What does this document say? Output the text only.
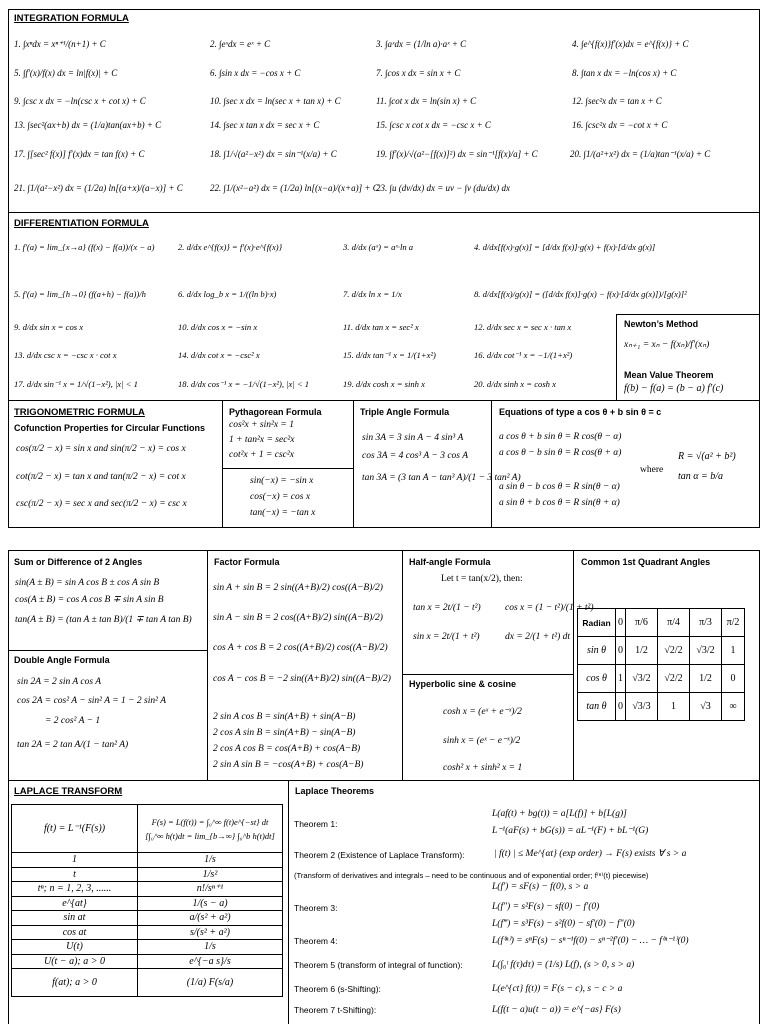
INTEGRATION FORMULA
1. ∫xⁿdx = xⁿ⁺¹/(n+1) + C	2. ∫eˣdx = eˣ + C	3. ∫aˣdx = (1/ln a)·aˣ + C	4. ∫e^{f(x)}f′(x)dx = e^{f(x)} + C
5. ∫f′(x)/f(x) dx = ln|f(x)| + C	6. ∫sin x dx = −cos x + C	7. ∫cos x dx = sin x + C	8. ∫tan x dx = −ln(cos x) + C
9. ∫csc x dx = −ln(csc x + cot x) + C	10. ∫sec x dx = ln(sec x + tan x) + C	11. ∫cot x dx = ln(sin x) + C	12. ∫sec²x dx = tan x + C
13. ∫sec²(ax+b) dx = (1/a)tan(ax+b) + C	14. ∫sec x tan x dx = sec x + C	15. ∫csc x cot x dx = −csc x + C	16. ∫csc²x dx = −cot x + C
17. ∫[sec² f(x)] f′(x)dx = tan f(x) + C	18. ∫1/√(a²−x²) dx = sin⁻¹(x/a) + C	19. ∫f′(x)/√(a²−[f(x)]²) dx = sin⁻¹[f(x)/a] + C	20. ∫1/(a²+x²) dx = (1/a)tan⁻¹(x/a) + C
21. ∫1/(a²−x²) dx = (1/2a) ln[(a+x)/(a−x)] + C	22. ∫1/(x²−a²) dx = (1/2a) ln[(x−a)/(x+a)] + C
23. ∫u (dv/dx) dx = uv − ∫v (du/dx) dx
DIFFERENTIATION FORMULA
1. f′(a) = lim_{x→a} (f(x) − f(a))/(x − a)	2. d/dx e^{f(x)} = f′(x)·e^{f(x)}	3. d/dx (aˣ) = aˣ·ln a	4. d/dx[f(x)·g(x)] = [d/dx f(x)]·g(x) + f(x)·[d/dx g(x)]
5. f′(a) = lim_{h→0} (f(a+h) − f(a))/h	6. d/dx log_b x = 1/((ln b)·x)	7. d/dx ln x = 1/x	8. d/dx[f(x)/g(x)] = ([d/dx f(x)]·g(x) − f(x)·[d/dx g(x)])/[g(x)]²
9. d/dx sin x = cos x	10. d/dx cos x = −sin x	11. d/dx tan x = sec² x	12. d/dx sec x = sec x · tan x
13. d/dx csc x = −csc x · cot x	14. d/dx cot x = −csc² x	15. d/dx tan⁻¹ x = 1/(1+x²)	16. d/dx cot⁻¹ x = −1/(1+x²)
17. d/dx sin⁻¹ x = 1/√(1−x²), |x| < 1	18. d/dx cos⁻¹ x = −1/√(1−x²), |x| < 1	19. d/dx cosh x = sinh x	20. d/dx sinh x = cosh x
Newton’s Method
xₙ₊₁ = xₙ − f(xₙ)/f′(xₙ)
Mean Value Theorem
f(b) − f(a) = (b − a) f′(c)
TRIGONOMETRIC FORMULA
Cofunction Properties for Circular Functions
cos(π/2 − x) = sin x and sin(π/2 − x) = cos x
cot(π/2 − x) = tan x and tan(π/2 − x) = cot x
csc(π/2 − x) = sec x and sec(π/2 − x) = csc x
Pythagorean Formula
cos²x + sin²x = 1
1 + tan²x = sec²x
cot²x + 1 = csc²x
sin(−x) = −sin x
cos(−x) = cos x
tan(−x) = −tan x
Triple Angle Formula
sin 3A = 3 sin A − 4 sin³ A
cos 3A = 4 cos³ A − 3 cos A
tan 3A = (3 tan A − tan³ A)/(1 − 3 tan² A)
Equations of type a cos θ + b sin θ = c
a cos θ + b sin θ = R cos(θ − α)
a cos θ − b sin θ = R cos(θ + α)
a sin θ − b cos θ = R sin(θ − α)
a sin θ + b cos θ = R sin(θ + α)
where
R = √(a² + b²)
tan α = b/a
Sum or Difference of 2 Angles
sin(A ± B) = sin A cos B ± cos A sin B
cos(A ± B) = cos A cos B ∓ sin A sin B
tan(A ± B) = (tan A ± tan B)/(1 ∓ tan A tan B)
Double Angle Formula
sin 2A = 2 sin A cos A
cos 2A = cos² A − sin² A = 1 − 2 sin² A
= 2 cos² A − 1
tan 2A = 2 tan A/(1 − tan² A)
Factor Formula
sin A + sin B = 2 sin((A+B)/2) cos((A−B)/2)
sin A − sin B = 2 cos((A+B)/2) sin((A−B)/2)
cos A + cos B = 2 cos((A+B)/2) cos((A−B)/2)
cos A − cos B = −2 sin((A+B)/2) sin((A−B)/2)
2 sin A cos B = sin(A+B) + sin(A−B)
2 cos A sin B = sin(A+B) − sin(A−B)
2 cos A cos B = cos(A+B) + cos(A−B)
2 sin A sin B = −cos(A+B) + cos(A−B)
Half-angle Formula
Let t = tan(x/2), then:
tan x = 2t/(1 − t²)	cos x = (1 − t²)/(1 + t²)
sin x = 2t/(1 + t²)	dx = 2/(1 + t²) dt
Hyperbolic sine & cosine
cosh x = (eˣ + e⁻ˣ)/2
sinh x = (eˣ − e⁻ˣ)/2
cosh² x + sinh² x = 1
Common 1st Quadrant Angles
Radian	0	π/6	π/4	π/3	π/2
sin θ	0	1/2	√2/2	√3/2	1
cos θ	1	√3/2	√2/2	1/2	0
tan θ	0	√3/3	1	√3	∞
LAPLACE TRANSFORM
f(t) = L⁻¹(F(s))	F(s) = L(f(t)) = ∫₀^∞ f(t)e^{−st} dt
[∫₀^∞ h(t)dt = lim_{b→∞} ∫₀^b h(t)dt]

1	1/s
t	1/s²
tⁿ; n = 1, 2, 3, ......	n!/sⁿ⁺¹
e^{at}	1/(s − a)
sin at	a/(s² + a²)
cos at	s/(s² + a²)
U(t)	1/s
U(t − a); a > 0	e^{−a s}/s
f(at); a > 0	(1/a) F(s/a)
Laplace Theorems
Theorem 1:
L(af(t) + bg(t)) = a[L(f)] + b[L(g)]
L⁻¹(aF(s) + bG(s)) = aL⁻¹(F) + bL⁻¹(G)
Theorem 2 (Existence of Laplace Transform):	| f(t) | ≤ Me^{αt} (exp order) → F(s) exists ∀ s > a
(Transform of derivatives and integrals – need to be continuous and of exponential order; f⁽ⁿ⁾(t) piecewise)
Theorem 3:
L(f′) = sF(s) − f(0), s > a
L(f″) = s²F(s) − sf(0) − f′(0)
L(f‴) = s³F(s) − s²f(0) − sf′(0) − f″(0)
Theorem 4:	L(f⁽ⁿ⁾) = sⁿF(s) − sⁿ⁻¹f(0) − sⁿ⁻²f′(0) − … − f⁽ⁿ⁻¹⁾(0)
Theorem 5 (transform of integral of function):	L(∫₀ᵗ f(τ)dτ) = (1/s) L(f), (s > 0, s > a)
Theorem 6 (s-Shifting):	L(e^{ct} f(t)) = F(s − c), s − c > a
Theorem 7 t-Shifting):	L(f(t − a)u(t − a)) = e^{−as} F(s)
